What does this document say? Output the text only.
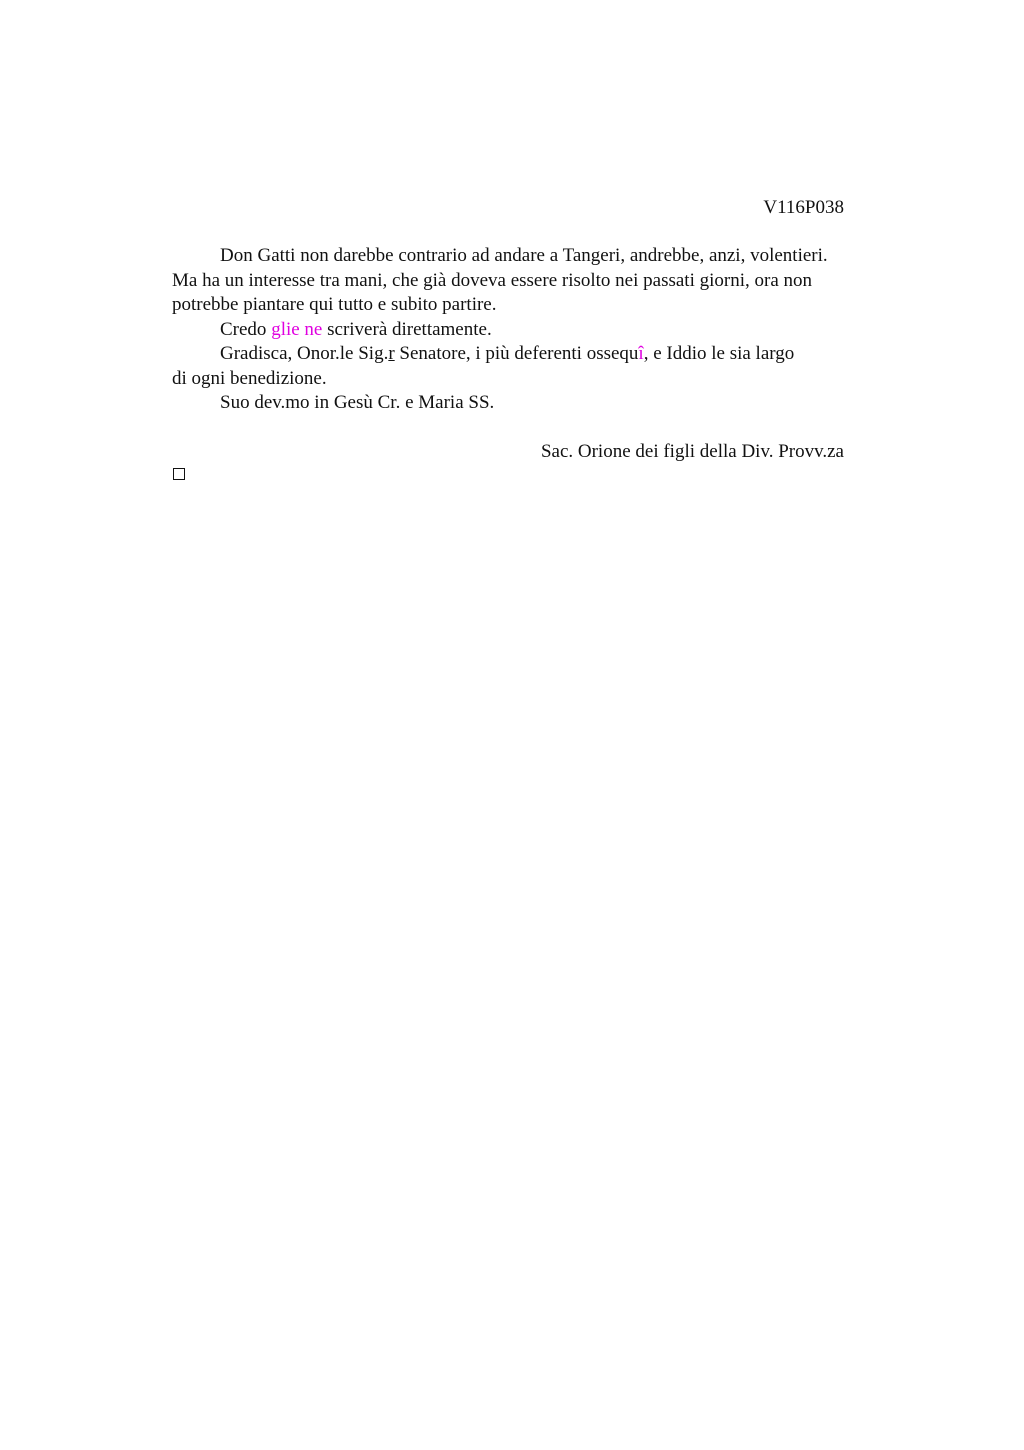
V116P038
Don Gatti non darebbe contrario ad andare a Tangeri, andrebbe, anzi, volentieri.
Ma ha un interesse tra mani, che già doveva essere risolto nei passati giorni, ora non
potrebbe piantare qui tutto e subito partire.
Credo glie ne scriverà direttamente.
Gradisca, Onor.le Sig.r Senatore, i più deferenti ossequî, e Iddio le sia largo
di ogni benedizione.
Suo dev.mo in Gesù Cr. e Maria SS.
Sac. Orione dei figli della Div. Provv.za
